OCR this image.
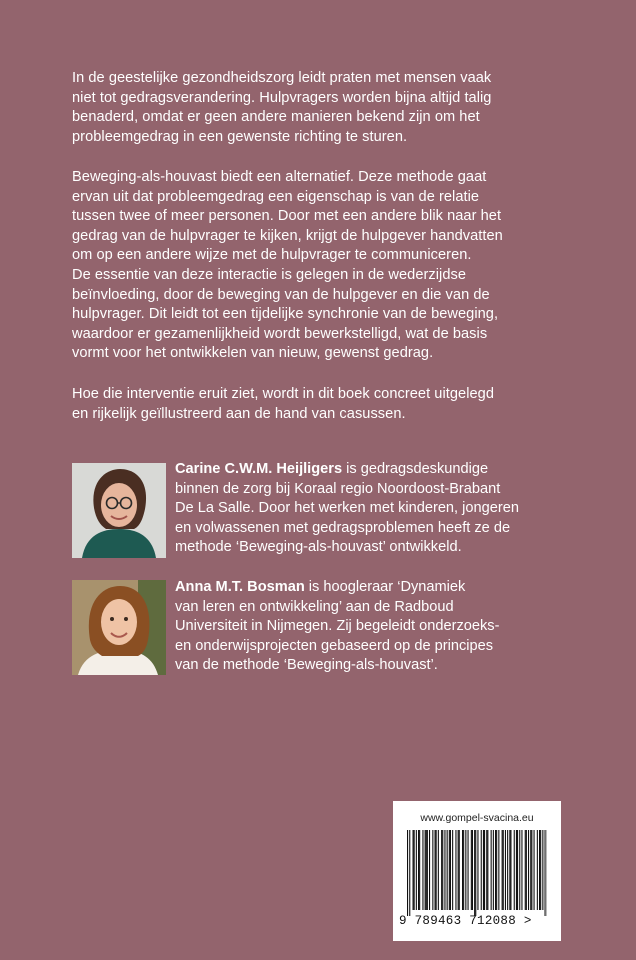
In de geestelijke gezondheidszorg leidt praten met mensen vaak
niet tot gedragsverandering. Hulpvragers worden bijna altijd talig
benaderd, omdat er geen andere manieren bekend zijn om het
probleemgedrag in een gewenste richting te sturen.

Beweging-als-houvast biedt een alternatief. Deze methode gaat
ervan uit dat probleemgedrag een eigenschap is van de relatie
tussen twee of meer personen. Door met een andere blik naar het
gedrag van de hulpvrager te kijken, krijgt de hulpgever handvatten
om op een andere wijze met de hulpvrager te communiceren.
De essentie van deze interactie is gelegen in de wederzijdse
beïnvloeding, door de beweging van de hulpgever en die van de
hulpvrager. Dit leidt tot een tijdelijke synchronie van de beweging,
waardoor er gezamenlijkheid wordt bewerkstelligd, wat de basis
vormt voor het ontwikkelen van nieuw, gewenst gedrag.

Hoe die interventie eruit ziet, wordt in dit boek concreet uitgelegd
en rijkelijk geïllustreerd aan de hand van casussen.

Carine C.W.M. Heijligers is gedragsdeskundige
binnen de zorg bij Koraal regio Noordoost-Brabant
De La Salle. Door het werken met kinderen, jongeren
en volwassenen met gedragsproblemen heeft ze de
methode ‘Beweging-als-houvast’ ontwikkeld.

Anna M.T. Bosman is hoogleraar ‘Dynamiek
van leren en ontwikkeling’ aan de Radboud
Universiteit in Nijmegen. Zij begeleidt onderzoeks-
en onderwijsprojecten gebaseerd op de principes
van de methode ‘Beweging-als-houvast’.

www.gompel-svacina.eu
9 789463 712088 >
